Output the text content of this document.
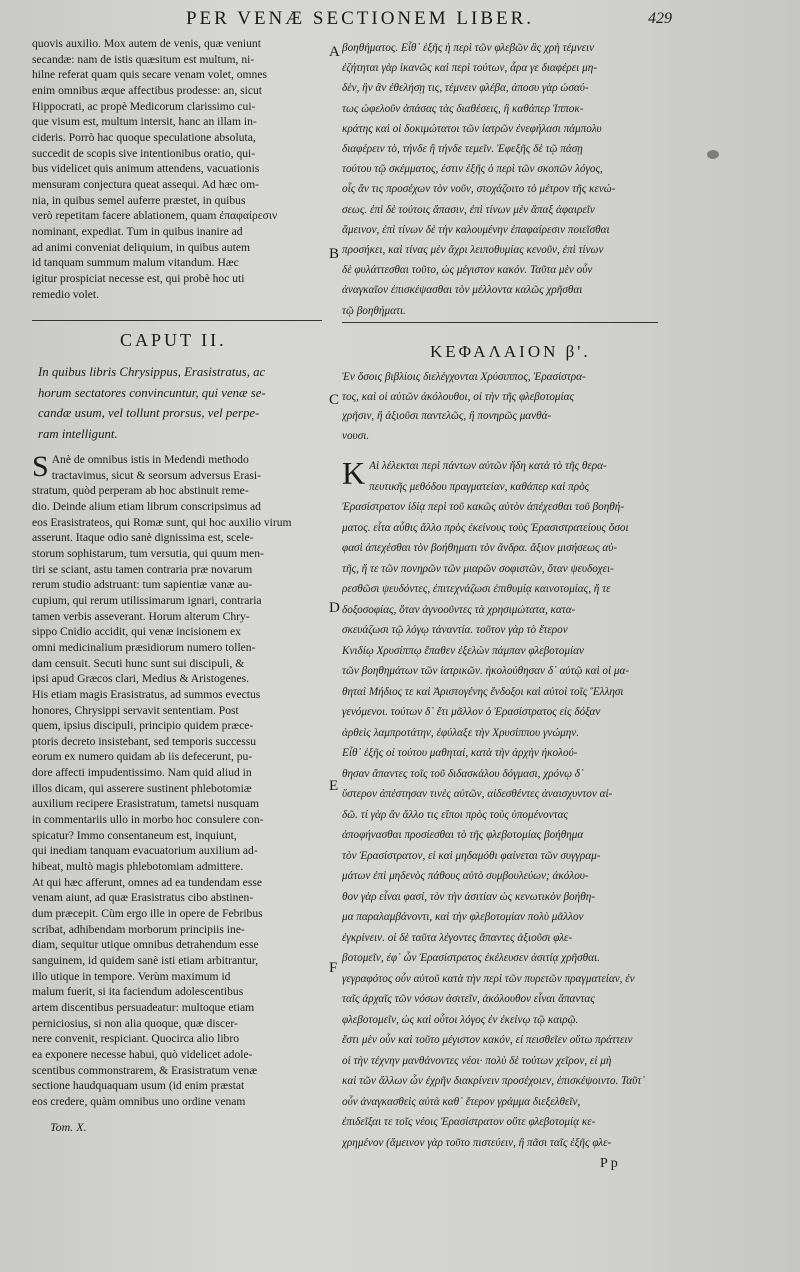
PER VENÆ SECTIONEM LIBER.	429
quovis auxilio. Mox autem de venis, quæ veniunt
secandæ: nam de istis quæsitum est multum, ni-
hilne referat quam quis secare venam volet, omnes
enim omnibus æque affectibus prodesse: an, sicut
Hippocrati, ac propè Medicorum clarissimo cui-
que visum est, multum intersit, hanc an illam in-
cideris. Porrò hac quoque speculatione absoluta,
succedit de scopis sive intentionibus oratio, qui-
bus videlicet quis animum attendens, vacuationis
mensuram conjectura queat assequi. Ad hæc om-
nia, in quibus semel auferre præstet, in quibus
verò repetitam facere ablationem, quam ἐπαφαίρεσιν
nominant, expediat. Tum in quibus inanire ad
ad animi conveniat deliquium, in quibus autem
id tanquam summum malum vitandum. Hæc
igitur prospiciat necesse est, qui probè hoc uti
remedio volet.
βοηθήματος. Εἶθ᾽ ἑξῆς ἡ περὶ τῶν φλεβῶν ἃς χρὴ τέμνειν
ἐζήτηται γὰρ ἱκανῶς καὶ περὶ τούτων, ἆρα γε διαφέρει μη-
δὲν, ἣν ἂν ἐθελήσῃ τις, τέμνειν φλέβα, ἀποσυ γὰρ ὡσαύ-
τως ὠφελοῦν ἁπάσας τὰς διαθέσεις, ἢ καθάπερ Ἱπποκ-
κράτης καὶ οἱ δοκιμώτατοι τῶν ἰατρῶν ἐνεφήλασι πάμπολυ
διαφέρειν τὸ, τήνδε ἢ τήνδε τεμεῖν. Ἐφεξῆς δὲ τῷ πάσῃ
τούτου τῷ σκέμματος, ἐστιν ἑξῆς ὁ περὶ τῶν σκοπῶν λόγος,
οἷς ἄν τις προσέχων τὸν νοῦν, στοχάζοιτο τὸ μέτρον τῆς κενώ-
σεως. ἐπὶ δὲ τούτοις ἅπασιν, ἐπὶ τίνων μὲν ἅπαξ ἀφαιρεῖν
ἄμεινον, ἐπὶ τίνων δὲ τὴν καλουμένην ἐπαφαίρεσιν ποιεῖσθαι
προσήκει, καὶ τίνας μὲν ἄχρι λειποθυμίας κενοῦν, ἐπὶ τίνων
δὲ φυλάττεσθαι τοῦτο, ὡς μέγιστον κακόν. Ταῦτα μὲν οὖν
ἀναγκαῖον ἐπισκέψασθαι τὸν μέλλοντα καλῶς χρῆσθαι
τῷ βοηθήματι.
A
B
C
D
E
F
CAPUT II.
ΚΕΦΑΛΑΙΟΝ β'.
In quibus libris Chrysippus, Erasistratus, ac
horum sectatores convincuntur, qui venæ se-
candæ usum, vel tollunt prorsus, vel perpe-
ram intelligunt.
Ἐν ὅσοις βιβλίοις διελέγχονται Χρύσιππος, Ἐρασίστρα-
τος, καὶ οἱ αὐτῶν ἀκόλουθοι, οἱ τὴν τῆς φλεβοτομίας
χρῆσιν, ἢ ἀξιοῦσι παντελῶς, ἢ πονηρῶς μανθά-
νουσι.
S Anè de omnibus istis in Medendi methodo
tractavimus, sicut & seorsum adversus Erasi-
stratum, quòd perperam ab hoc abstinuit reme-
dio. Deinde alium etiam librum conscripsimus ad
eos Erasistrateos, qui Romæ sunt, qui hoc auxilio virum
asserunt. Itaque odio sanè dignissima est, scele-
storum sophistarum, tum versutia, qui quum men-
tiri se sciant, astu tamen contraria præ novarum
rerum studio adstruant: tum sapientiæ vanæ au-
cupium, qui rerum utilissimarum ignari, contraria
tamen verbis asseverant. Horum alterum Chry-
sippo Cnidio accidit, qui venæ incisionem ex
omni medicinalium præsidiorum numero tollen-
dam censuit. Secuti hunc sunt sui discipuli, &
ipsi apud Græcos clari, Medius & Aristogenes.
His etiam magis Erasistratus, ad summos evectus
honores, Chrysippi servavit sententiam. Post
quem, ipsius discipuli, principio quidem præce-
ptoris decreto insistebant, sed temporis successu
eorum ex numero quidam ab iis defecerunt, pu-
dore affecti impudentissimo. Nam quid aliud in
illos dicam, qui asserere sustinent phlebotomiæ
auxilium recipere Erasistratum, tametsi nusquam
in commentariis ullo in morbo hoc consulere con-
spicatur? Immo consentaneum est, inquiunt,
qui inediam tanquam evacuatorium auxilium ad-
hibeat, multò magis phlebotomiam admittere.
At qui hæc afferunt, omnes ad ea tundendam esse
venam aiunt, ad quæ Erasistratus cibo abstinen-
dum præcepit. Cùm ergo ille in opere de Febribus
scribat, adhibendam morborum principiis ine-
diam, sequitur utique omnibus detrahendum esse
sanguinem, id quidem sanè isti etiam arbitrantur,
illo utique in tempore. Verùm maximum id
malum fuerit, si ita faciendum adolescentibus
artem discentibus persuadeatur: multoque etiam
perniciosius, si non alia quoque, quæ discer-
nere convenit, respiciant. Quocirca alio libro
ea exponere necesse habui, quò videlicet adole-
scentibus commonstrarem, & Erasistratum venæ
sectione haudquaquam usum (id enim præstat
eos credere, quàm omnibus uno ordine venam
Κ Αὶ λέλεκται περὶ πάντων αὐτῶν ἤδη κατὰ τὸ τῆς θερα-
πευτικῆς μεθόδου πραγματείαν, καθάπερ καὶ πρὸς
Ἐρασίστρατον ἰδίᾳ περὶ τοῦ κακῶς αὐτὸν ἀπέχεσθαι τοῦ βοηθή-
ματος. εἶτα αὖθις ἄλλο πρὸς ἐκείνους τοὺς Ἐρασιστρατείους ὅσοι
φασὶ ἀπεχέσθαι τὸν βοήθηματι τὸν ἄνδρα. ἄξιον μισήσεως αὐ-
τῆς, ἥ τε τῶν πονηρῶν τῶν μιαρῶν σοφιστῶν, ὅταν ψευδοχει-
ρεσθῶσι ψευδόντες, ἐπιτεχνάζωσι ἐπιθυμίᾳ καινοτομίας, ἥ τε
δοξοσοφίας, ὅταν ἀγνοοῦντες τὰ χρησιμώτατα, κατα-
σκευάζωσι τῷ λόγῳ τἀναντία. τοῦτον γὰρ τὸ ἕτερον
Κνιδίῳ Χρυσίππῳ ἔπαθεν ἐξελὼν πάμπαν φλεβοτομίαν
τῶν βοηθημάτων τῶν ἰατρικῶν. ἠκολούθησαν δ᾽ αὐτῷ καὶ οἱ μα-
θηταὶ Μήδιος τε καὶ Ἀριστογένης ἔνδοξοι καὶ αὐτοὶ τοῖς Ἕλλησι
γενόμενοι. τούτων δ᾽ ἔτι μᾶλλον ὁ Ἐρασίστρατος εἰς δόξαν
ἀρθεὶς λαμπροτάτην, ἐφύλαξε τὴν Χρυσίππου γνώμην.
Εἶθ᾽ ἑξῆς οἱ τούτου μαθηταί, κατὰ τὴν ἀρχὴν ἠκολού-
θησαν ἅπαντες τοῖς τοῦ διδασκάλου δόγμασι, χρόνῳ δ᾽
ὕστερον ἀπέστησαν τινὲς αὐτῶν, αἰδεσθέντες ἀναισχυντον αἰ-
δῶ. τί γὰρ ἂν ἄλλο τις εἴποι πρὸς τοὺς ὑπομένοντας
ἀποφήνασθαι προσίεσθαι τὸ τῆς φλεβοτομίας βοήθημα
τὸν Ἐρασίστρατον, εἰ καὶ μηδαμόθι φαίνεται τῶν συγγραμ-
μάτων ἐπὶ μηδενὸς πάθους αὐτὸ συμβουλεύων; ἀκόλου-
θον γὰρ εἶναι φασί, τὸν τὴν ἀσιτίαν ὡς κενωτικὸν βοήθη-
μα παραλαμβάνοντι, καὶ τὴν φλεβοτομίαν πολὺ μᾶλλον
ἐγκρίνειν. οἱ δὲ ταῦτα λέγοντες ἅπαντες ἀξιοῦσι φλε-
βοτομεῖν, ἐφ᾽ ὧν Ἐρασίστρατος ἐκέλευσεν ἀσιτίᾳ χρῆσθαι.
γεγραφότος οὖν αὐτοῦ κατὰ τὴν περὶ τῶν πυρετῶν πραγματείαν, ἐν
ταῖς ἀρχαῖς τῶν νόσων ἀσιτεῖν, ἀκόλουθον εἶναι ἅπαντας
φλεβοτομεῖν, ὡς καὶ οὗτοι λόγος ἐν ἐκείνῳ τῷ καιρῷ.
ἔστι μὲν οὖν καὶ τοῦτο μέγιστον κακόν, εἰ πεισθεῖεν οὕτω πράττειν
οἱ τὴν τέχνην μανθάνοντες νέοι· πολὺ δὲ τούτων χεῖρον, εἰ μὴ
καὶ τῶν ἄλλων ὧν ἐχρῆν διακρίνειν προσέχοιεν, ἐπισκέψοιντο. Ταῦτ᾽
οὖν ἀναγκασθεὶς αὐτὰ καθ᾽ ἕτερον γράμμα διεξελθεῖν,
ἐπιδεῖξαι τε τοῖς νέοις Ἐρασίστρατον οὔτε φλεβοτομίᾳ κε-
χρημένον (ἄμεινον γὰρ τοῦτο πιστεύειν, ἢ πᾶσι ταῖς ἑξῆς φλε-
Tom. X.
P p
